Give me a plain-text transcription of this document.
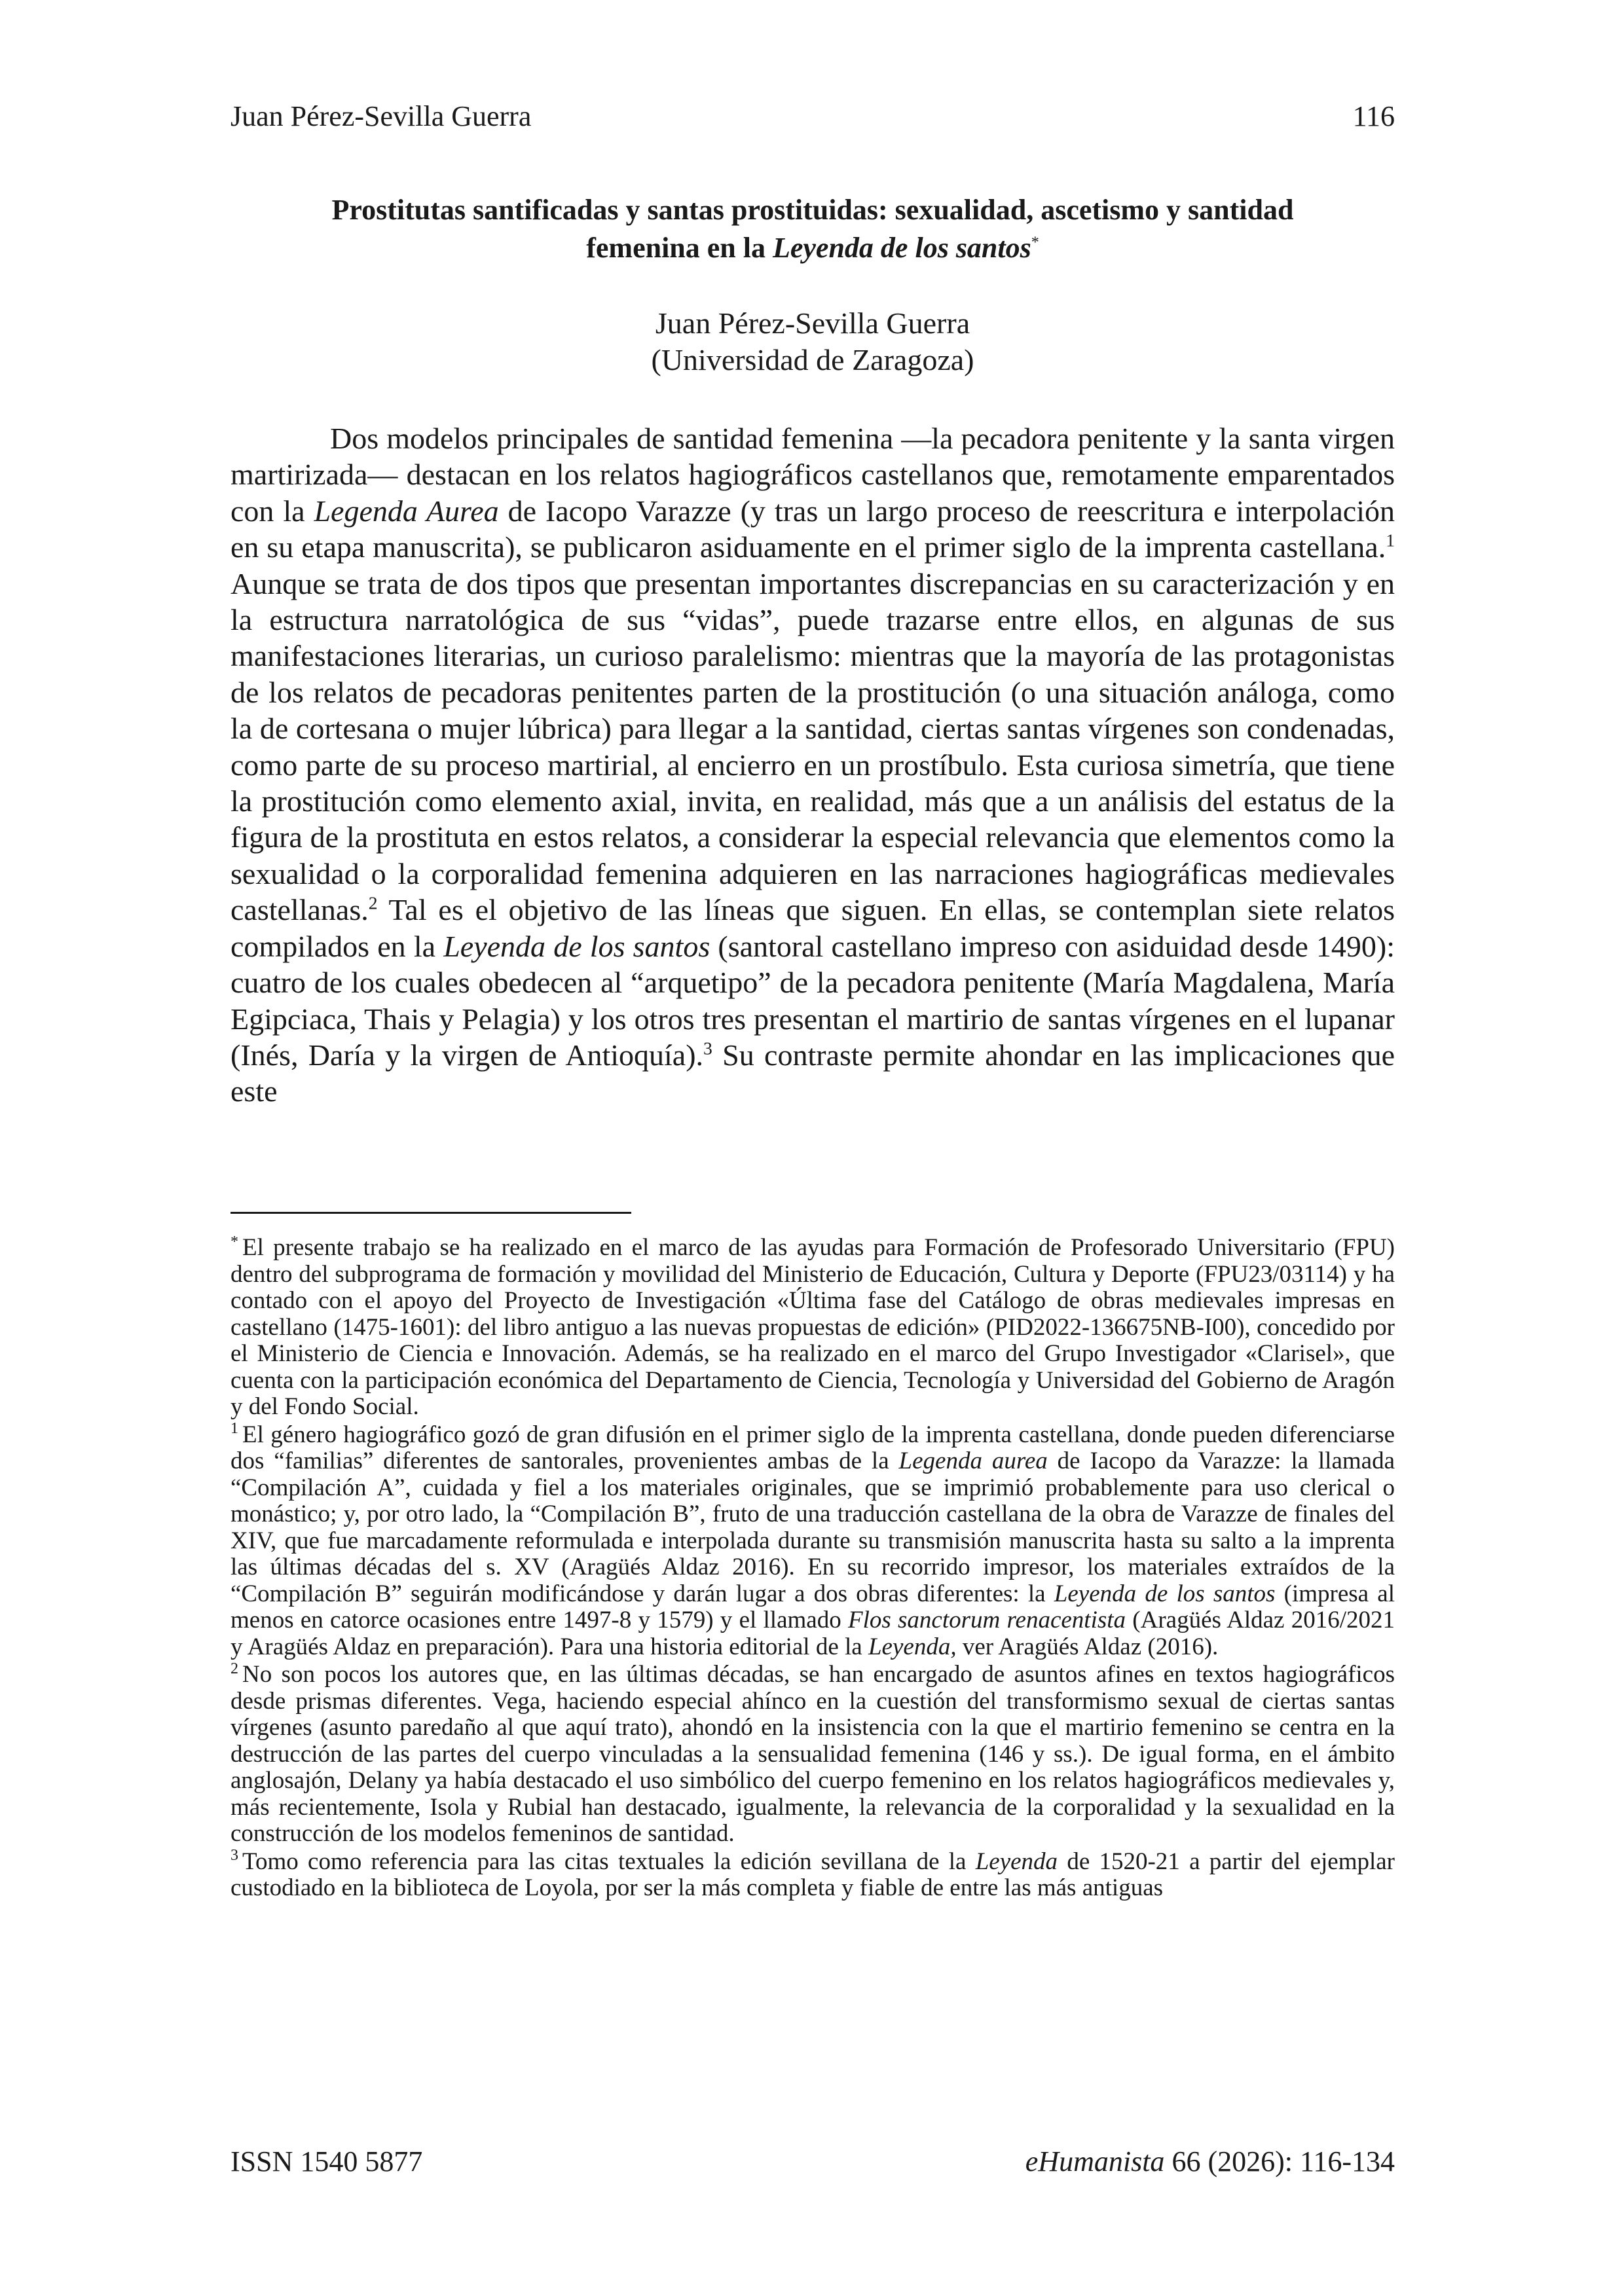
Juan Pérez-Sevilla Guerra	116
Prostitutas santificadas y santas prostituidas: sexualidad, ascetismo y santidad
femenina en la Leyenda de los santos*
Juan Pérez-Sevilla Guerra
(Universidad de Zaragoza)

Dos modelos principales de santidad femenina —la pecadora penitente y la santa virgen martirizada— destacan en los relatos hagiográficos castellanos que, remotamente emparentados con la Legenda Aurea de Iacopo Varazze (y tras un largo proceso de reescritura e interpolación en su etapa manuscrita), se publicaron asiduamente en el primer siglo de la imprenta castellana.$^1$ Aunque se trata de dos tipos que presentan importantes discrepancias en su caracterización y en la estructura narratológica de sus “vidas”, puede trazarse entre ellos, en algunas de sus manifestaciones literarias, un curioso paralelismo: mientras que la mayoría de las protagonistas de los relatos de pecadoras penitentes parten de la prostitución (o una situación análoga, como la de cortesana o mujer lúbrica) para llegar a la santidad, ciertas santas vírgenes son condenadas, como parte de su proceso martirial, al encierro en un prostíbulo. Esta curiosa simetría, que tiene la prostitución como elemento axial, invita, en realidad, más que a un análisis del estatus de la figura de la prostituta en estos relatos, a considerar la especial relevancia que elementos como la sexualidad o la corporalidad femenina adquieren en las narraciones hagiográficas medievales castellanas.$^2$ Tal es el objetivo de las líneas que siguen. En ellas, se contemplan siete relatos compilados en la Leyenda de los santos (santoral castellano impreso con asiduidad desde 1490): cuatro de los cuales obedecen al “arquetipo” de la pecadora penitente (María Magdalena, María Egipciaca, Thais y Pelagia) y los otros tres presentan el martirio de santas vírgenes en el lupanar (Inés, Daría y la virgen de Antioquía).$^3$ Su contraste permite ahondar en las implicaciones que este

* El presente trabajo se ha realizado en el marco de las ayudas para Formación de Profesorado Universitario (FPU) dentro del subprograma de formación y movilidad del Ministerio de Educación, Cultura y Deporte (FPU23/03114) y ha contado con el apoyo del Proyecto de Investigación «Última fase del Catálogo de obras medievales impresas en castellano (1475-1601): del libro antiguo a las nuevas propuestas de edición» (PID2022-136675NB-I00), concedido por el Ministerio de Ciencia e Innovación. Además, se ha realizado en el marco del Grupo Investigador «Clarisel», que cuenta con la participación económica del Departamento de Ciencia, Tecnología y Universidad del Gobierno de Aragón y del Fondo Social.

$^1$ El género hagiográfico gozó de gran difusión en el primer siglo de la imprenta castellana, donde pueden diferenciarse dos “familias” diferentes de santorales, provenientes ambas de la Legenda aurea de Iacopo da Varazze: la llamada “Compilación A”, cuidada y fiel a los materiales originales, que se imprimió probablemente para uso clerical o monástico; y, por otro lado, la “Compilación B”, fruto de una traducción castellana de la obra de Varazze de finales del XIV, que fue marcadamente reformulada e interpolada durante su transmisión manuscrita hasta su salto a la imprenta las últimas décadas del s. XV (Aragüés Aldaz 2016). En su recorrido impresor, los materiales extraídos de la “Compilación B” seguirán modificándose y darán lugar a dos obras diferentes: la Leyenda de los santos (impresa al menos en catorce ocasiones entre 1497-8 y 1579) y el llamado Flos sanctorum renacentista (Aragüés Aldaz 2016/2021 y Aragüés Aldaz en preparación). Para una historia editorial de la Leyenda, ver Aragüés Aldaz (2016).

$^2$ No son pocos los autores que, en las últimas décadas, se han encargado de asuntos afines en textos hagiográficos desde prismas diferentes. Vega, haciendo especial ahínco en la cuestión del transformismo sexual de ciertas santas vírgenes (asunto paredaño al que aquí trato), ahondó en la insistencia con la que el martirio femenino se centra en la destrucción de las partes del cuerpo vinculadas a la sensualidad femenina (146 y ss.). De igual forma, en el ámbito anglosajón, Delany ya había destacado el uso simbólico del cuerpo femenino en los relatos hagiográficos medievales y, más recientemente, Isola y Rubial han destacado, igualmente, la relevancia de la corporalidad y la sexualidad en la construcción de los modelos femeninos de santidad.

$^3$ Tomo como referencia para las citas textuales la edición sevillana de la Leyenda de 1520-21 a partir del ejemplar custodiado en la biblioteca de Loyola, por ser la más completa y fiable de entre las más antiguas

ISSN 1540 5877	eHumanista 66 (2026): 116-134
